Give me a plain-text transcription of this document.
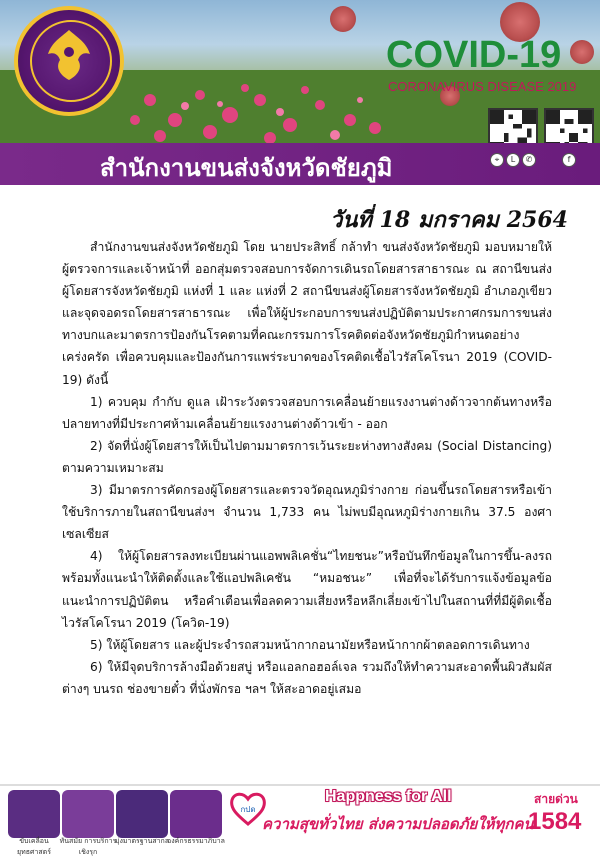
COVID-19
CORONAVIRUS DISEASE 2019
สำนักงานขนส่งจังหวัดชัยภูมิ	⌖	L	✆	f
วันที่ 18 มกราคม 2564

สำนักงานขนส่งจังหวัดชัยภูมิ โดย นายประสิทธิ์ กล้าทำ ขนส่งจังหวัดชัยภูมิ มอบหมายให้ผู้ตรวจการและเจ้าหน้าที่ ออกสุ่มตรวจสอบการจัดการเดินรถโดยสารสาธารณะ ณ สถานีขนส่งผู้โดยสารจังหวัดชัยภูมิ แห่งที่ 1 และ แห่งที่ 2 สถานีขนส่งผู้โดยสารจังหวัดชัยภูมิ อำเภอภูเขียว และจุดจอดรถโดยสารสาธารณะ เพื่อให้ผู้ประกอบการขนส่งปฏิบัติตามประกาศกรมการขนส่งทางบกและมาตรการป้องกันโรคตามที่คณะกรรมการโรคติดต่อจังหวัดชัยภูมิกำหนดอย่างเคร่งครัด เพื่อควบคุมและป้องกันการแพร่ระบาดของโรคติดเชื้อไวรัสโคโรนา 2019 (COVID-19) ดังนี้

1) ควบคุม กำกับ ดูแล เฝ้าระวังตรวจสอบการเคลื่อนย้ายแรงงานต่างด้าวจากต้นทางหรือปลายทางที่มีประกาศห้ามเคลื่อนย้ายแรงงานต่างด้าวเข้า - ออก

2) จัดที่นั่งผู้โดยสารให้เป็นไปตามมาตรการเว้นระยะห่างทางสังคม (Social Distancing) ตามความเหมาะสม

3) มีมาตรการคัดกรองผู้โดยสารและตรวจวัดอุณหภูมิร่างกาย ก่อนขึ้นรถโดยสารหรือเข้าใช้บริการภายในสถานีขนส่งฯ จำนวน 1,733 คน ไม่พบมีอุณหภูมิร่างกายเกิน 37.5 องศาเซลเซียส

4) ให้ผู้โดยสารลงทะเบียนผ่านแอพพลิเคชั่น“ไทยชนะ”หรือบันทึกข้อมูลในการขึ้น-ลงรถ พร้อมทั้งแนะนำให้ติดตั้งและใช้แอปพลิเคชัน “หมอชนะ” เพื่อที่จะได้รับการแจ้งข้อมูลข้อแนะนำการปฏิบัติตน หรือคำเตือนเพื่อลดความเสี่ยงหรือหลีกเลี่ยงเข้าไปในสถานที่ที่มีผู้ติดเชื้อไวรัสโคโรนา 2019 (โควิด-19)

5) ให้ผู้โดยสาร และผู้ประจำรถสวมหน้ากากอนามัยหรือหน้ากากผ้าตลอดการเดินทาง

6) ให้มีจุดบริการล้างมือด้วยสบู่ หรือแอลกอฮอล์เจล รวมถึงให้ทำความสะอาดพื้นผิวสัมผัสต่างๆ บนรถ ช่องขายตั๋ว ที่นั่งพักรอ ฯลฯ ให้สะอาดอยู่เสมอ

ขับเคลื่อนยุทธศาสตร์
ทันสมัย การบริการเชิงรุก
มุ่งมาตรฐานสากล
องค์กรธรรมาภิบาล
กปด
Happness for All
ความสุขทั่วไทย ส่งความปลอดภัยให้ทุกคน
สายด่วน
1584
